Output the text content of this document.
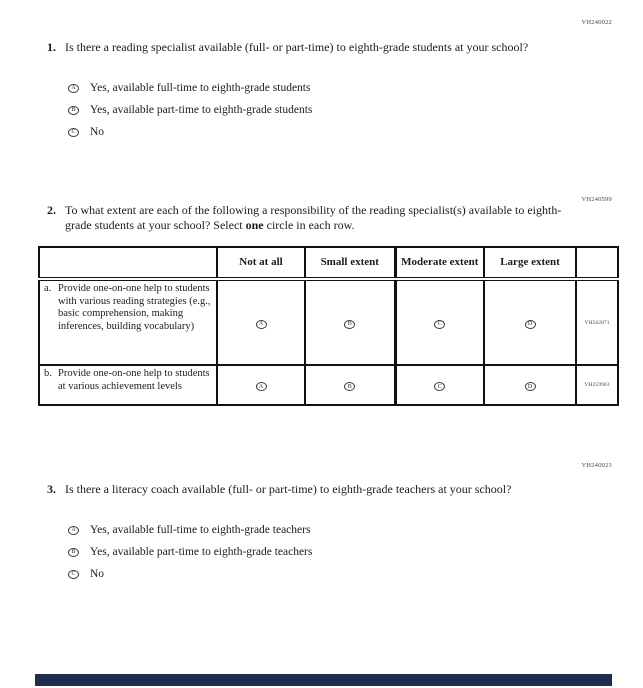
VH240022
1. Is there a reading specialist available (full- or part-time) to eighth-grade students at your school?
A Yes, available full-time to eighth-grade students
B	Yes, available part-time to eighth-grade students
C	No
VH240599
2. To what extent are each of the following a responsibility of the reading specialist(s) available to eighth-grade students at your school? Select one circle in each row.
	Not at all	Small extent	Moderate extent	Large extent	

a. Provide one-on-one help to students with various reading strategies (e.g., basic comprehension, making inferences, building vocabulary)	A	B	C	D	VH562871

b. Provide one-on-one help to students at various achievement levels	A	B	C	D	VH259963
VH240023
3. Is there a literacy coach available (full- or part-time) to eighth-grade teachers at your school?
A Yes, available full-time to eighth-grade teachers
B	Yes, available part-time to eighth-grade teachers
C	No
